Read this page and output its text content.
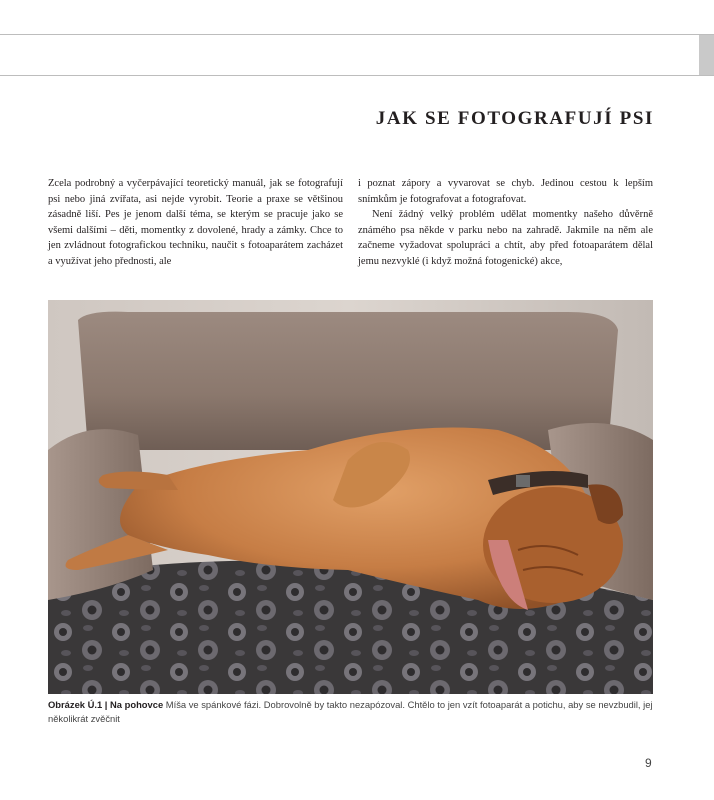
JAK SE FOTOGRAFUJÍ PSI

Zcela podrobný a vyčerpávající teoretický manuál, jak se fotografují psi nebo jiná zvířata, asi nejde vyrobit. Teorie a praxe se většinou zásadně liší. Pes je jenom další téma, se kterým se pracuje jako se všemi dalšími – děti, momentky z dovolené, hrady a zámky. Chce to jen zvládnout fotografickou techniku, naučit s fotoaparátem zacházet a využívat jeho přednosti, ale

i poznat zápory a vyvarovat se chyb. Jedinou cestou k lepším snímkům je fotografovat a fotografovat.

Není žádný velký problém udělat momentky našeho důvěrně známého psa někde v parku nebo na zahradě. Jakmile na něm ale začneme vyžadovat spolupráci a chtít, aby před fotoaparátem dělal jemu nezvyklé (i když možná fotogenické) akce,

Obrázek Ú.1 | Na pohovce Míša ve spánkové fázi. Dobrovolně by takto nezapózoval. Chtělo to jen vzít fotoaparát a potichu, aby se nevzbudil, jej několikrát zvěčnit
9
